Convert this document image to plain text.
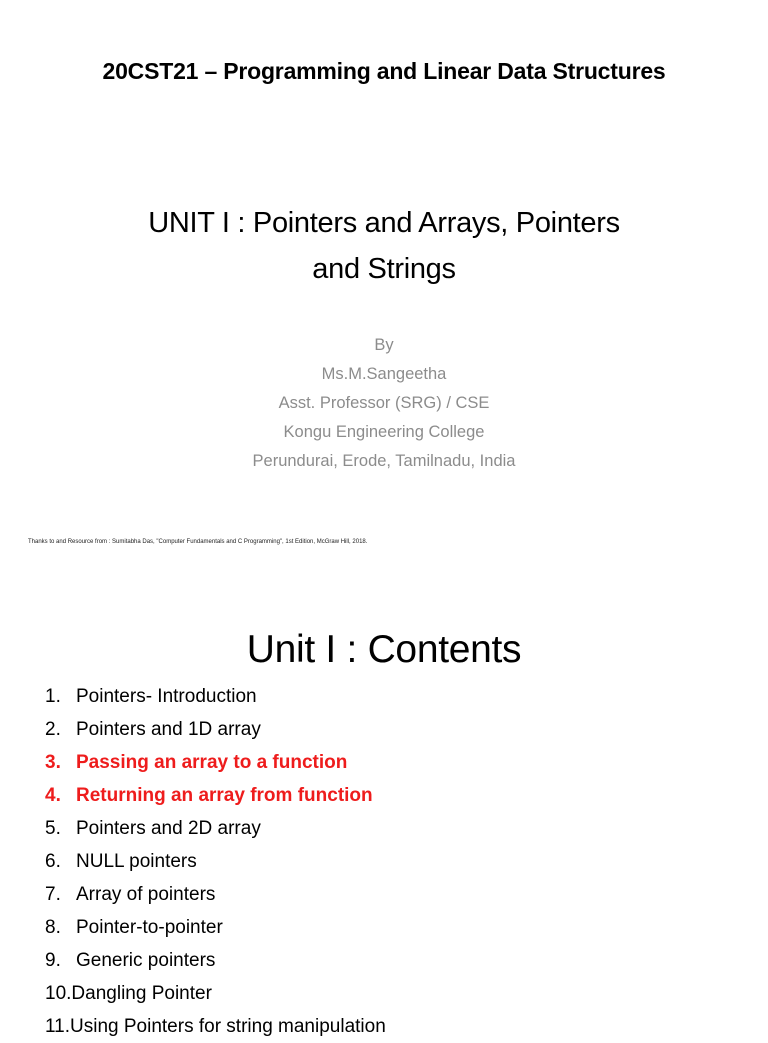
20CST21 – Programming and Linear Data Structures
UNIT I : Pointers and Arrays, Pointers
and Strings
By
Ms.M.Sangeetha
Asst. Professor (SRG) / CSE
Kongu Engineering College
Perundurai, Erode, Tamilnadu, India
Thanks to and Resource from : Sumitabha Das, "Computer Fundamentals and C Programming", 1st Edition, McGraw Hill, 2018.
Unit I : Contents
1. Pointers- Introduction
2. Pointers and 1D array
3. Passing an array to a function
4. Returning an array from function
5. Pointers and 2D array
6. NULL pointers
7. Array of pointers
8. Pointer-to-pointer
9. Generic pointers
10.Dangling Pointer
11.Using Pointers for string manipulation
